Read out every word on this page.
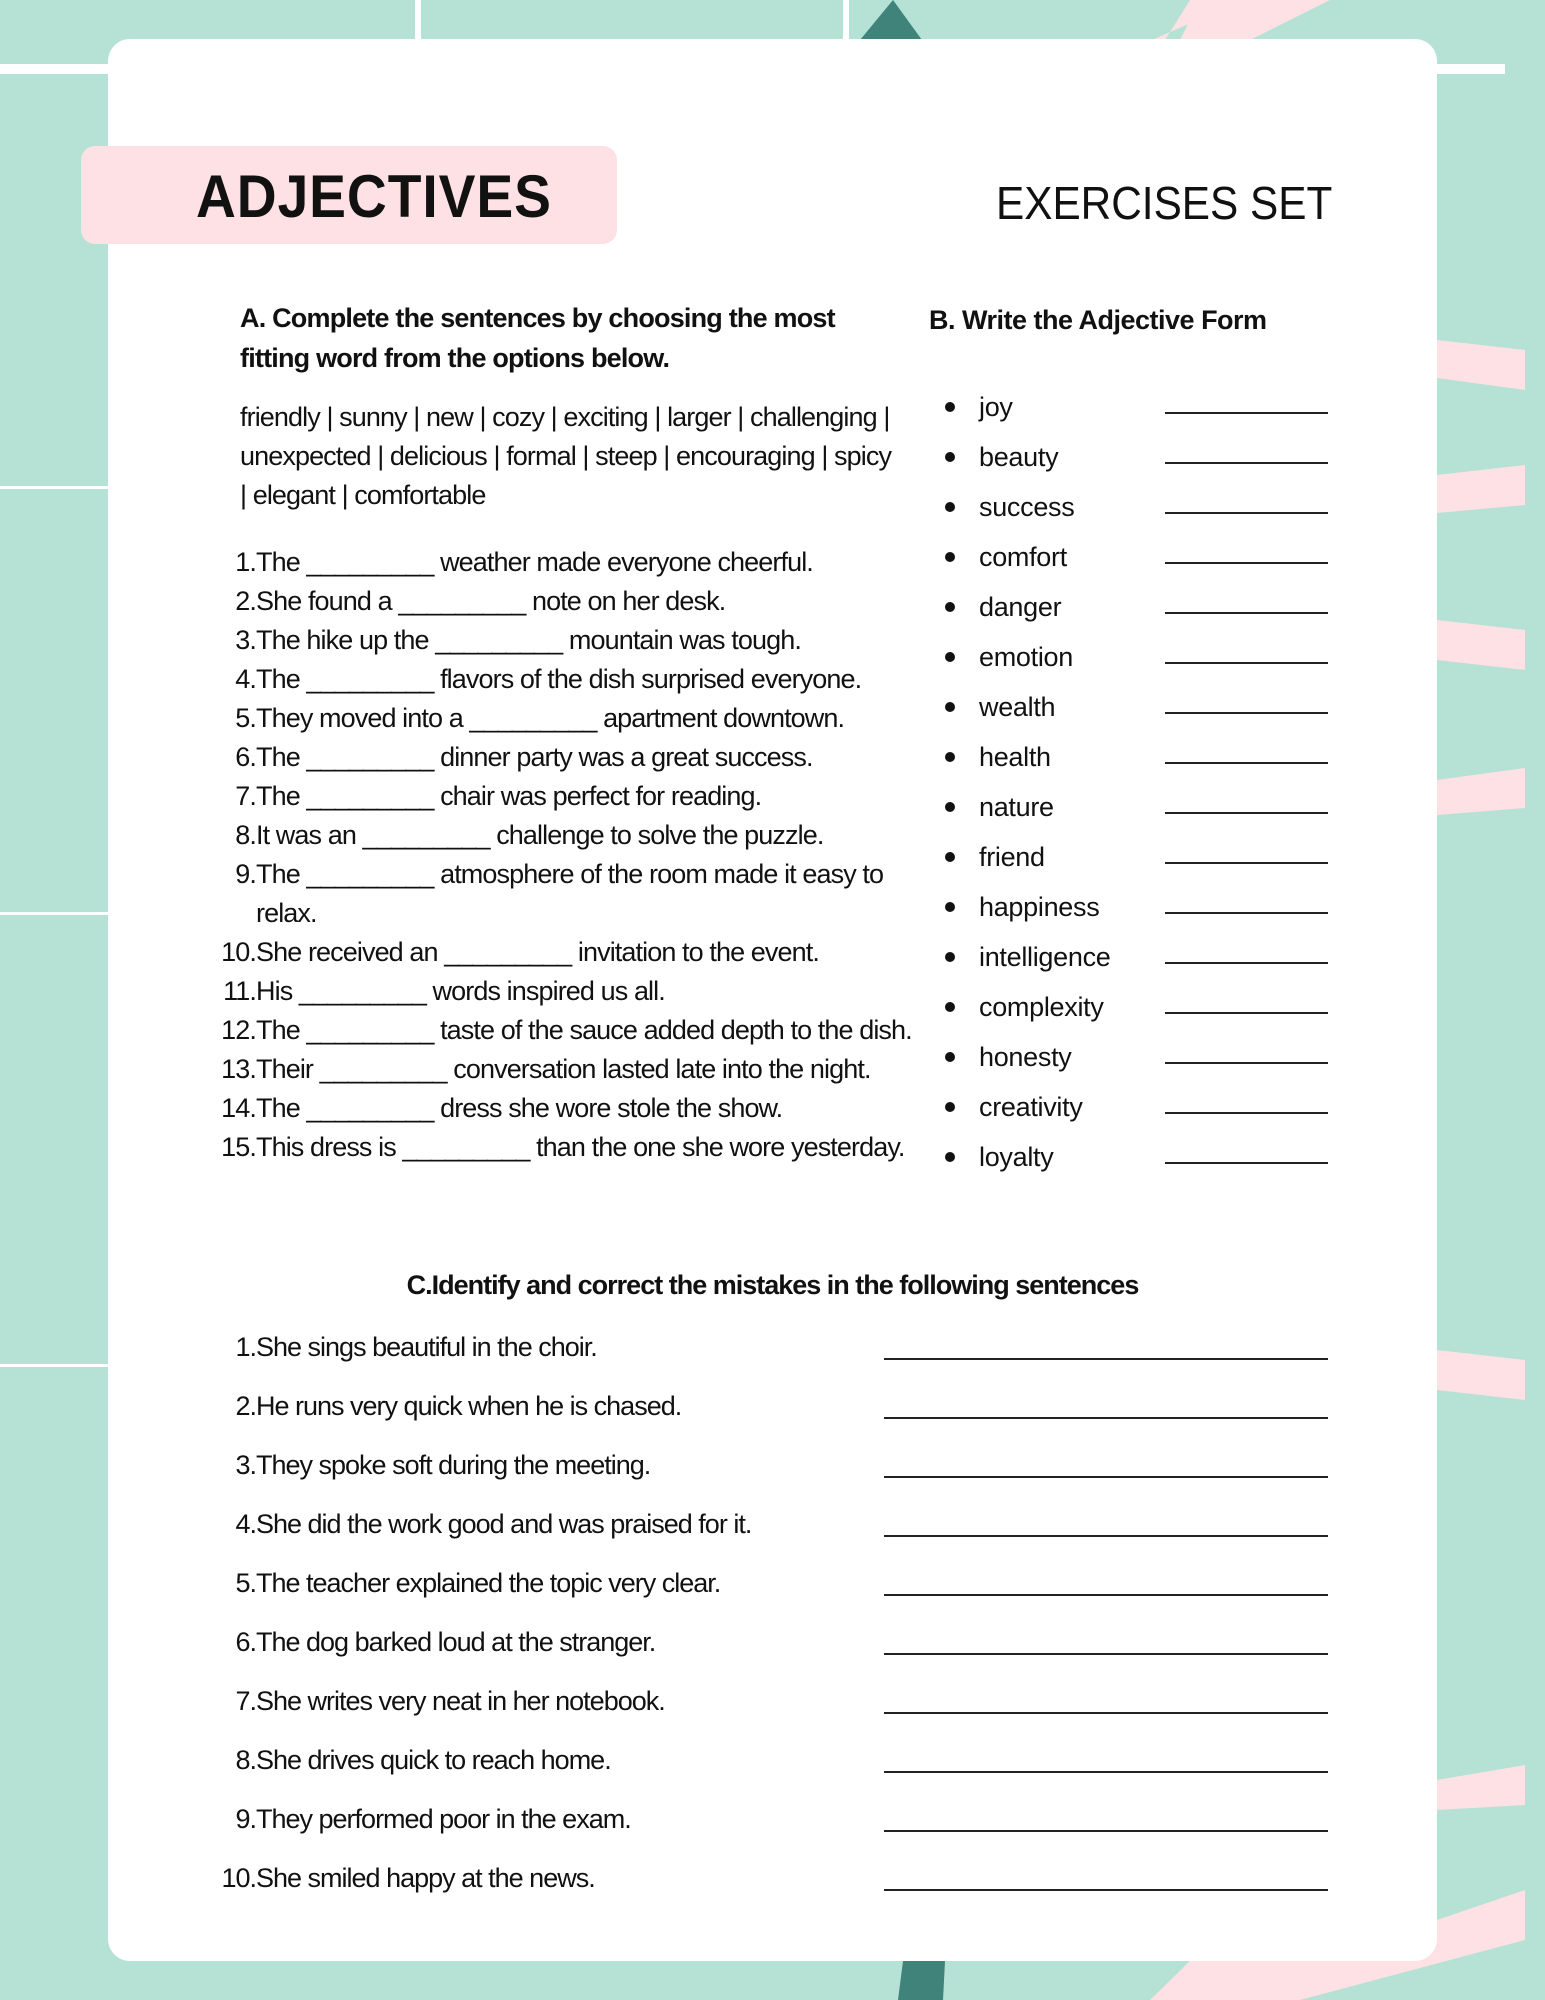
ADJECTIVES	EXERCISES SET
A. Complete the sentences by choosing the most fitting word from the options below.
friendly | sunny | new | cozy | exciting | larger | challenging | unexpected | delicious | formal | steep | encouraging | spicy | elegant | comfortable
1. The _________ weather made everyone cheerful.
2. She found a _________ note on her desk.
3. The hike up the _________ mountain was tough.
4. The _________ flavors of the dish surprised everyone.
5. They moved into a _________ apartment downtown.
6. The _________ dinner party was a great success.
7. The _________ chair was perfect for reading.
8. It was an _________ challenge to solve the puzzle.
9. The _________ atmosphere of the room made it easy to relax.
10. She received an _________ invitation to the event.
11. His _________ words inspired us all.
12. The _________ taste of the sauce added depth to the dish.
13. Their _________ conversation lasted late into the night.
14. The _________ dress she wore stole the show.
15. This dress is _________ than the one she wore yesterday.
B. Write the Adjective Form
joy
beauty
success
comfort
danger
emotion
wealth
health
nature
friend
happiness
intelligence
complexity
honesty
creativity
loyalty
C.Identify and correct the mistakes in the following sentences
1. She sings beautiful in the choir.
2. He runs very quick when he is chased.
3. They spoke soft during the meeting.
4. She did the work good and was praised for it.
5. The teacher explained the topic very clear.
6. The dog barked loud at the stranger.
7. She writes very neat in her notebook.
8. She drives quick to reach home.
9. They performed poor in the exam.
10. She smiled happy at the news.
